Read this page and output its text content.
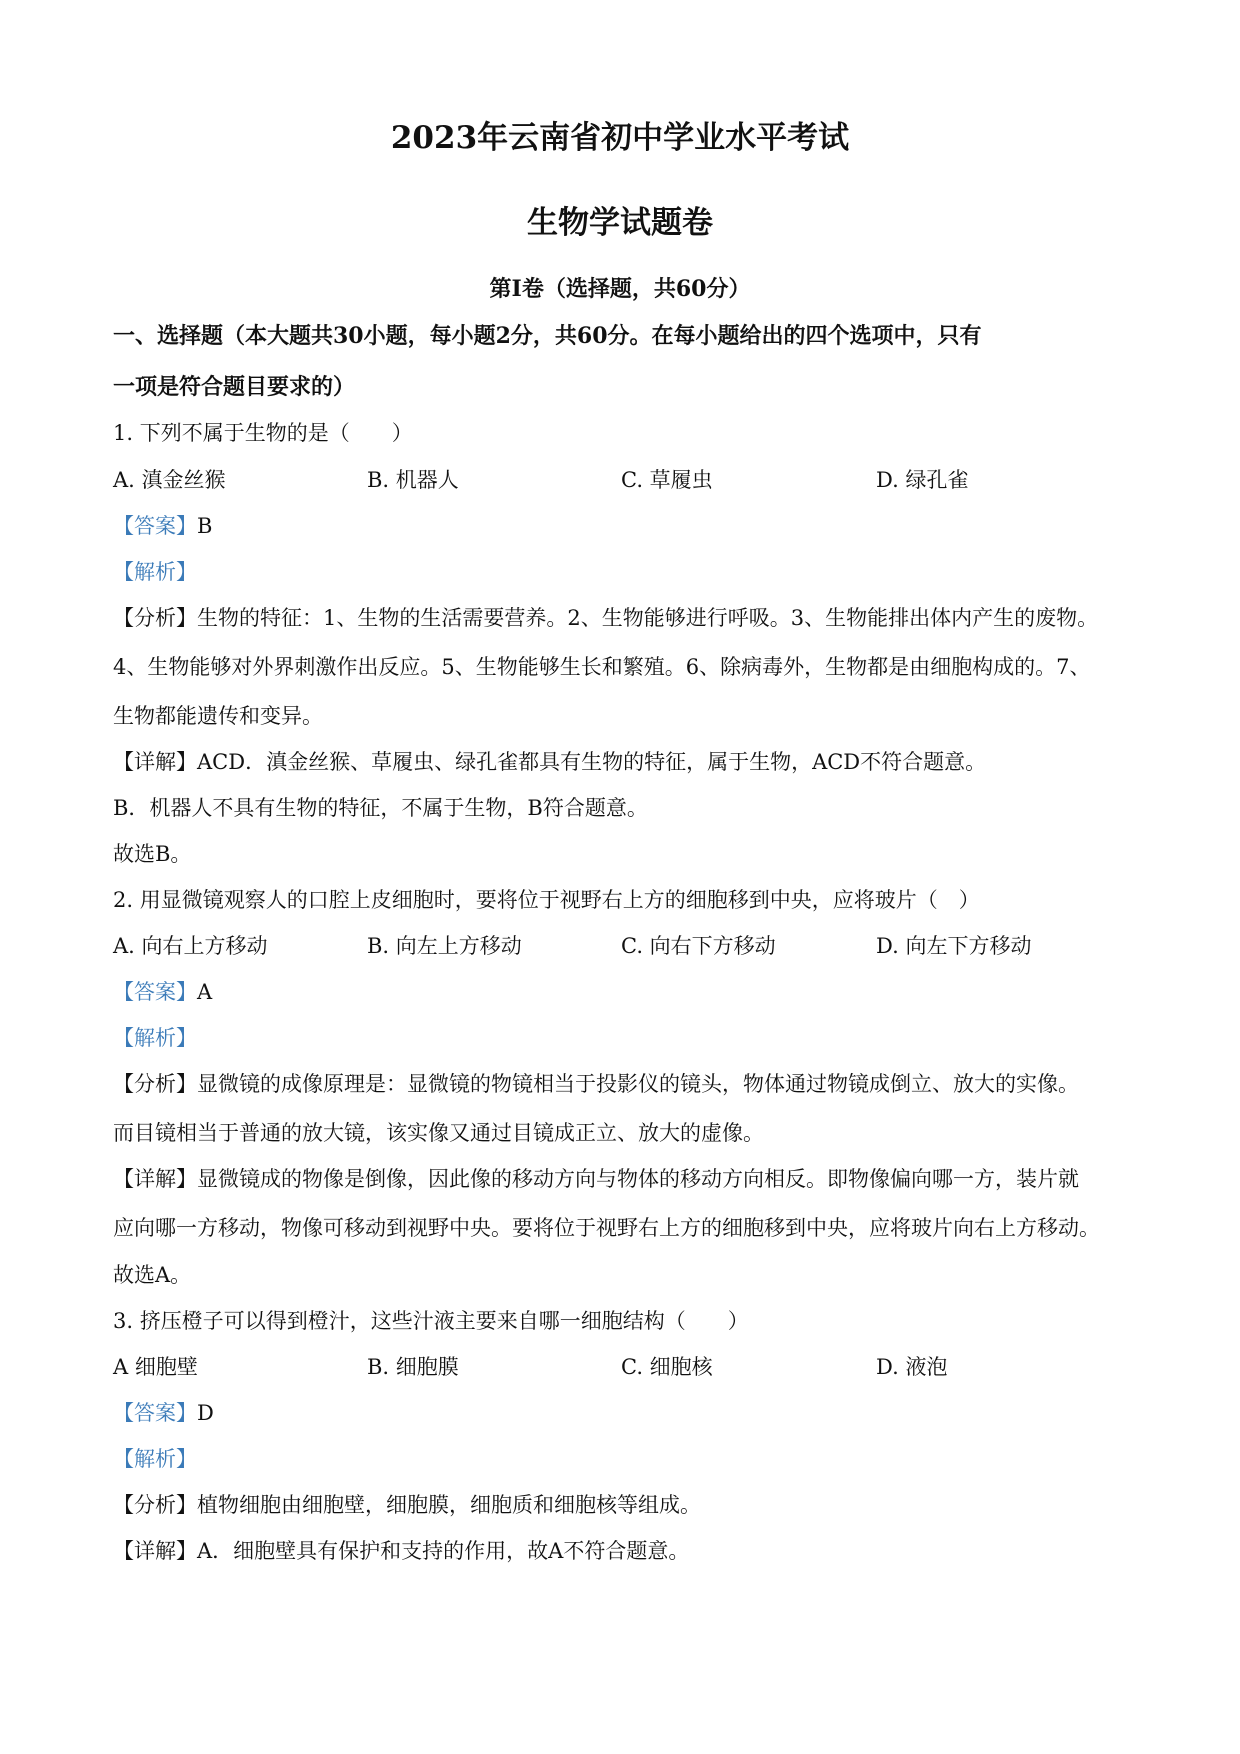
2023年云南省初中学业水平考试
生物学试题卷
第Ⅰ卷（选择题，共60分）
一、选择题（本大题共30小题，每小题2分，共60分。在每小题给出的四个选项中，只有
一项是符合题目要求的）
1. 下列不属于生物的是（　　）
A. 滇金丝猴	B. 机器人	C. 草履虫	D. 绿孔雀
【答案】B
【解析】
【分析】生物的特征：1、生物的生活需要营养。2、生物能够进行呼吸。3、生物能排出体内产生的废物。
4、生物能够对外界刺激作出反应。5、生物能够生长和繁殖。6、除病毒外，生物都是由细胞构成的。7、
生物都能遗传和变异。
【详解】ACD．滇金丝猴、草履虫、绿孔雀都具有生物的特征，属于生物，ACD不符合题意。
B．机器人不具有生物的特征，不属于生物，B符合题意。
故选B。
2. 用显微镜观察人的口腔上皮细胞时，要将位于视野右上方的细胞移到中央，应将玻片（　）
A. 向右上方移动	B. 向左上方移动	C. 向右下方移动	D. 向左下方移动
【答案】A
【解析】
【分析】显微镜的成像原理是：显微镜的物镜相当于投影仪的镜头，物体通过物镜成倒立、放大的实像。
而目镜相当于普通的放大镜，该实像又通过目镜成正立、放大的虚像。
【详解】显微镜成的物像是倒像，因此像的移动方向与物体的移动方向相反。即物像偏向哪一方，装片就
应向哪一方移动，物像可移动到视野中央。要将位于视野右上方的细胞移到中央，应将玻片向右上方移动。
故选A。
3. 挤压橙子可以得到橙汁，这些汁液主要来自哪一细胞结构（　　）
A 细胞壁	B. 细胞膜	C. 细胞核	D. 液泡
【答案】D
【解析】
【分析】植物细胞由细胞壁，细胞膜，细胞质和细胞核等组成。
【详解】A．细胞壁具有保护和支持的作用，故A不符合题意。
